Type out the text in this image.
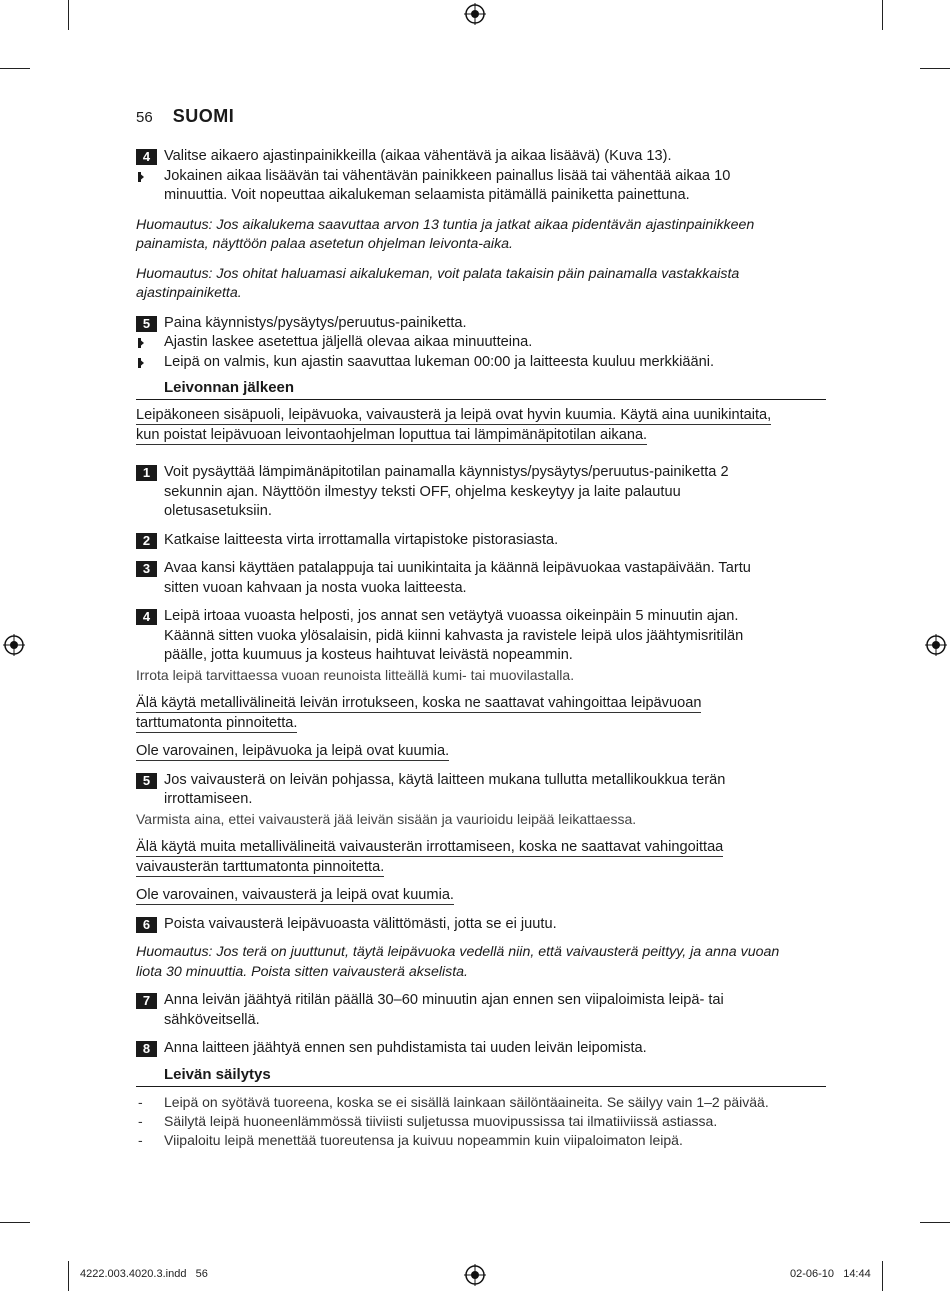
56 SUOMI
4 Valitse aikaero ajastinpainikkeilla (aikaa vähentävä ja aikaa lisäävä) (Kuva 13).
Jokainen aikaa lisäävän tai vähentävän painikkeen painallus lisää tai vähentää aikaa 10
minuuttia. Voit nopeuttaa aikalukeman selaamista pitämällä painiketta painettuna.
Huomautus: Jos aikalukema saavuttaa arvon 13 tuntia ja jatkat aikaa pidentävän ajastinpainikkeen
painamista, näyttöön palaa asetetun ohjelman leivonta-aika.
Huomautus: Jos ohitat haluamasi aikalukeman, voit palata takaisin päin painamalla vastakkaista
ajastinpainiketta.
5 Paina käynnistys/pysäytys/peruutus-painiketta.
Ajastin laskee asetettua jäljellä olevaa aikaa minuutteina.
Leipä on valmis, kun ajastin saavuttaa lukeman 00:00 ja laitteesta kuuluu merkkiääni.
Leivonnan jälkeen
Leipäkoneen sisäpuoli, leipävuoka, vaivausterä ja leipä ovat hyvin kuumia. Käytä aina uunikintaita,
kun poistat leipävuoan leivontaohjelman loputtua tai lämpimänäpitotilan aikana.
1 Voit pysäyttää lämpimänäpitotilan painamalla käynnistys/pysäytys/peruutus-painiketta 2
sekunnin ajan. Näyttöön ilmestyy teksti OFF, ohjelma keskeytyy ja laite palautuu
oletusasetuksiin.
2 Katkaise laitteesta virta irrottamalla virtapistoke pistorasiasta.
3 Avaa kansi käyttäen patalappuja tai uunikintaita ja käännä leipävuokaa vastapäivään. Tartu
sitten vuoan kahvaan ja nosta vuoka laitteesta.
4 Leipä irtoaa vuoasta helposti, jos annat sen vetäytyä vuoassa oikeinpäin 5 minuutin ajan.
Käännä sitten vuoka ylösalaisin, pidä kiinni kahvasta ja ravistele leipä ulos jäähtymisritilän
päälle, jotta kuumuus ja kosteus haihtuvat leivästä nopeammin.
Irrota leipä tarvittaessa vuoan reunoista litteällä kumi- tai muovilastalla.
Älä käytä metallivälineitä leivän irrotukseen, koska ne saattavat vahingoittaa leipävuoan
tarttumatonta pinnoitetta.
Ole varovainen, leipävuoka ja leipä ovat kuumia.
5 Jos vaivausterä on leivän pohjassa, käytä laitteen mukana tullutta metallikoukkua terän
irrottamiseen.
Varmista aina, ettei vaivausterä jää leivän sisään ja vaurioidu leipää leikattaessa.
Älä käytä muita metallivälineitä vaivausterän irrottamiseen, koska ne saattavat vahingoittaa
vaivausterän tarttumatonta pinnoitetta.
Ole varovainen, vaivausterä ja leipä ovat kuumia.
6 Poista vaivausterä leipävuoasta välittömästi, jotta se ei juutu.
Huomautus: Jos terä on juuttunut, täytä leipävuoka vedellä niin, että vaivausterä peittyy, ja anna vuoan
liota 30 minuuttia. Poista sitten vaivausterä akselista.
7 Anna leivän jäähtyä ritilän päällä 30–60 minuutin ajan ennen sen viipaloimista leipä- tai
sähköveitsellä.
8 Anna laitteen jäähtyä ennen sen puhdistamista tai uuden leivän leipomista.
Leivän säilytys
- Leipä on syötävä tuoreena, koska se ei sisällä lainkaan säilöntäaineita. Se säilyy vain 1–2 päivää.
- Säilytä leipä huoneenlämmössä tiiviisti suljetussa muovipussissa tai ilmatiiviissä astiassa.
- Viipaloitu leipä menettää tuoreutensa ja kuivuu nopeammin kuin viipaloimaton leipä.
4222.003.4020.3.indd   56	02-06-10   14:44
